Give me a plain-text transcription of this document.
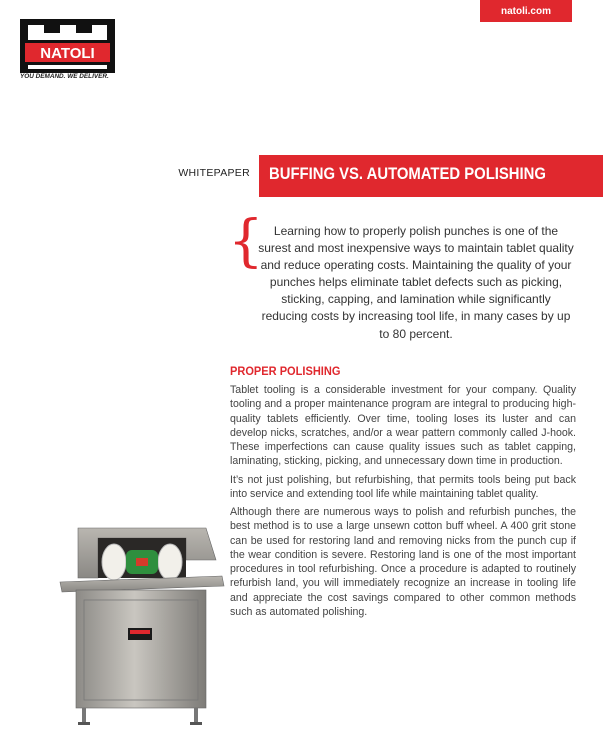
natoli.com
NATOLI
YOU DEMAND. WE DELIVER.
WHITEPAPER BUFFING VS. AUTOMATED POLISHING
{ Learning how to properly polish punches is one of the surest and most inexpensive ways to maintain tablet quality and reduce operating costs. Maintaining the quality of your punches helps eliminate tablet defects such as picking, sticking, capping, and lamination while significantly reducing costs by increasing tool life, in many cases by up to 80 percent.
PROPER POLISHING
Tablet tooling is a considerable investment for your company. Quality tooling and a proper maintenance program are integral to producing high-quality tablets efficiently. Over time, tooling loses its luster and can develop nicks, scratches, and/or a wear pattern commonly called J-hook. These imperfections can cause quality issues such as tablet capping, laminating, sticking, picking, and unnecessary down time in production.
It’s not just polishing, but refurbishing, that permits tools being put back into service and extending tool life while maintaining tablet quality.
Although there are numerous ways to polish and refurbish punches, the best method is to use a large unsewn cotton buff wheel. A 400 grit stone can be used for restoring land and removing nicks from the punch cup if the wear condition is severe. Restoring land is one of the most important procedures in tool refurbishing. Once a procedure is adapted to routinely refurbish land, you will immediately recognize an increase in tooling life and appreciate the cost savings compared to other common methods such as automated polishing.
